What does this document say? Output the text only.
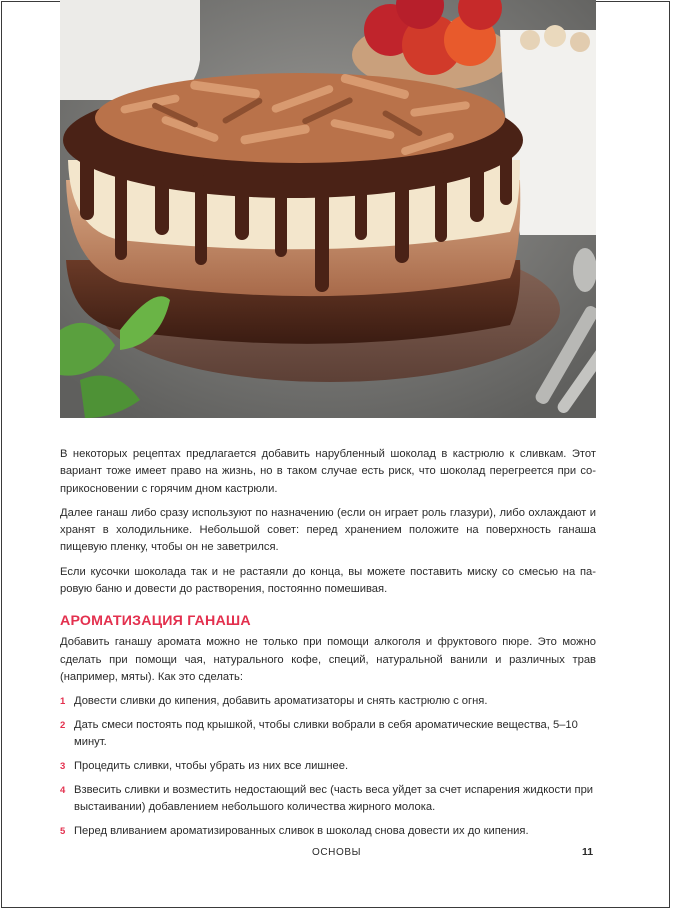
В некоторых рецептах предлагается добавить нарубленный шоколад в кастрюлю к сливкам. Этот вариант тоже имеет право на жизнь, но в таком случае есть риск, что шоколад перегреется при соприкосновении с горячим дном кастрюли.

Далее ганаш либо сразу используют по назначению (если он играет роль глазури), либо охлаждают и хранят в холодильнике. Небольшой совет: перед хранением положите на поверхность ганаша пищевую пленку, чтобы он не заветрился.

Если кусочки шоколада так и не растаяли до конца, вы можете поставить миску со смесью на паровую баню и довести до растворения, постоянно помешивая.

АРОМАТИЗАЦИЯ ГАНАША

Добавить ганашу аромата можно не только при помощи алкоголя и фруктового пюре. Это можно сделать при помощи чая, натурального кофе, специй, натуральной ванили и различных трав (например, мяты). Как это сделать:

1 Довести сливки до кипения, добавить ароматизаторы и снять кастрюлю с огня.
2 Дать смеси постоять под крышкой, чтобы сливки вобрали в себя ароматические вещества, 5–10 минут.
3 Процедить сливки, чтобы убрать из них все лишнее.
4 Взвесить сливки и возместить недостающий вес (часть веса уйдет за счет испарения жидкости при выстаивании) добавлением небольшого количества жирного молока.
5 Перед вливанием ароматизированных сливок в шоколад снова довести их до кипения.
ОСНОВЫ	11
